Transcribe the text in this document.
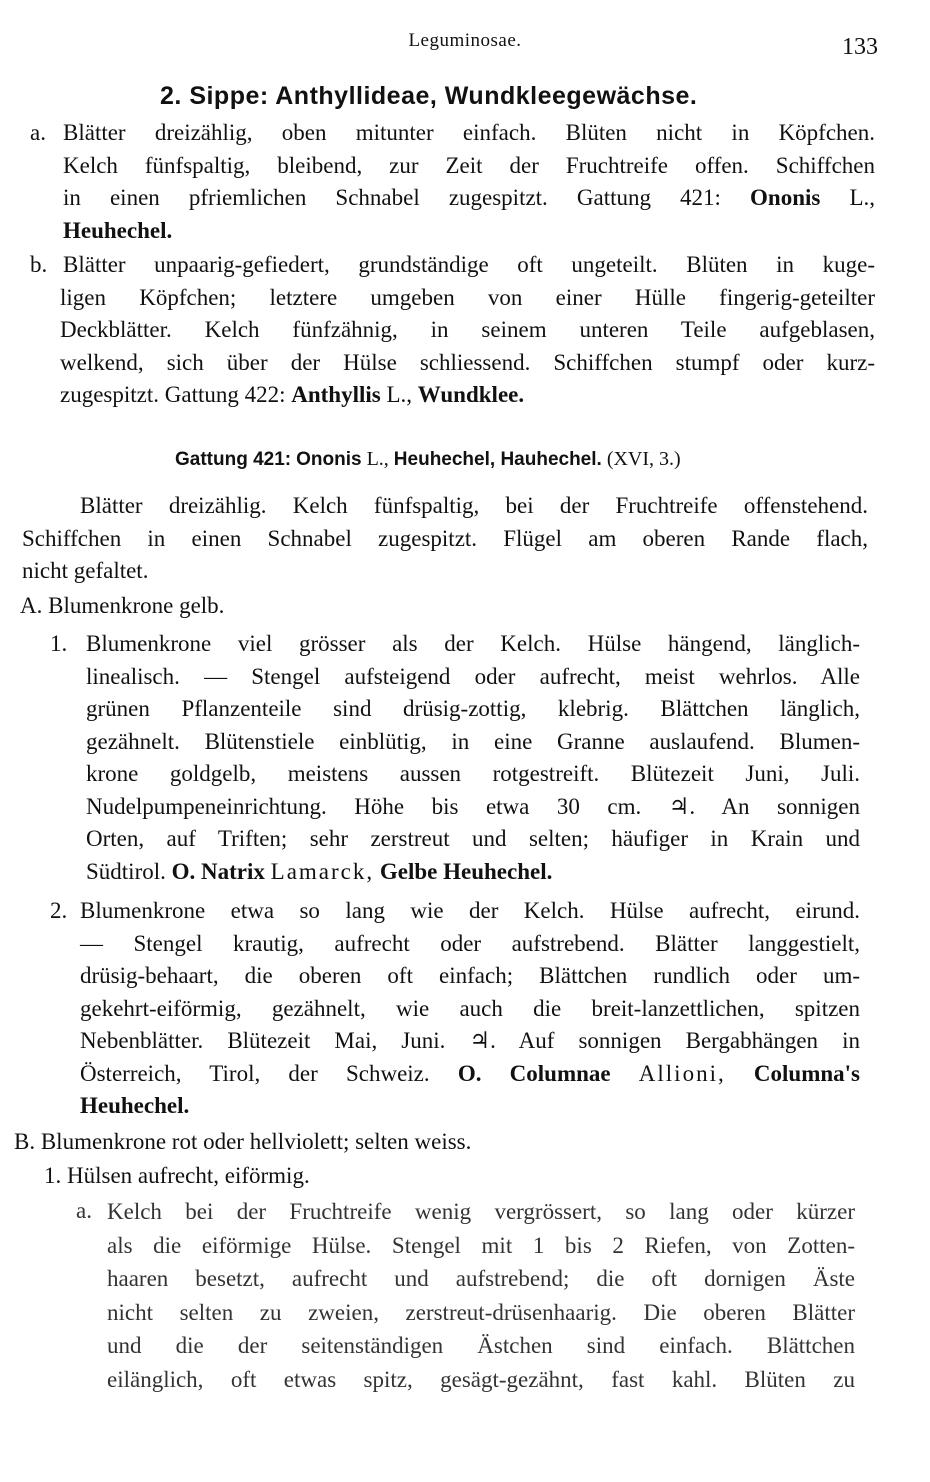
Leguminosae.	133
2. Sippe: Anthyllideae, Wundkleegewächse.
a. Blätter dreizählig, oben mitunter einfach. Blüten nicht in Köpfchen.
Kelch fünfspaltig, bleibend, zur Zeit der Fruchtreife offen. Schiffchen
in einen pfriemlichen Schnabel zugespitzt. Gattung 421: Ononis L.,
Heuhechel.
b. Blätter unpaarig-gefiedert, grundständige oft ungeteilt. Blüten in kuge-
ligen Köpfchen; letztere umgeben von einer Hülle fingerig-geteilter
Deckblätter. Kelch fünfzähnig, in seinem unteren Teile aufgeblasen,
welkend, sich über der Hülse schliessend. Schiffchen stumpf oder kurz-
zugespitzt. Gattung 422: Anthyllis L., Wundklee.
Gattung 421: Ononis L., Heuhechel, Hauhechel. (XVI, 3.)
Blätter dreizählig. Kelch fünfspaltig, bei der Fruchtreife offenstehend.
Schiffchen in einen Schnabel zugespitzt. Flügel am oberen Rande flach,
nicht gefaltet.
A. Blumenkrone gelb.
1. Blumenkrone viel grösser als der Kelch. Hülse hängend, länglich-
linealisch. — Stengel aufsteigend oder aufrecht, meist wehrlos. Alle
grünen Pflanzenteile sind drüsig-zottig, klebrig. Blättchen länglich,
gezähnelt. Blütenstiele einblütig, in eine Granne auslaufend. Blumen-
krone goldgelb, meistens aussen rotgestreift. Blütezeit Juni, Juli.
Nudelpumpeneinrichtung. Höhe bis etwa 30 cm. ♃. An sonnigen
Orten, auf Triften; sehr zerstreut und selten; häufiger in Krain und
Südtirol. O. Natrix Lamarck, Gelbe Heuhechel.
2. Blumenkrone etwa so lang wie der Kelch. Hülse aufrecht, eirund.
— Stengel krautig, aufrecht oder aufstrebend. Blätter langgestielt,
drüsig-behaart, die oberen oft einfach; Blättchen rundlich oder um-
gekehrt-eiförmig, gezähnelt, wie auch die breit-lanzettlichen, spitzen
Nebenblätter. Blütezeit Mai, Juni. ♃. Auf sonnigen Bergabhängen in
Österreich, Tirol, der Schweiz. O. Columnae Allioni, Columna's
Heuhechel.
B. Blumenkrone rot oder hellviolett; selten weiss.
1. Hülsen aufrecht, eiförmig.
a. Kelch bei der Fruchtreife wenig vergrössert, so lang oder kürzer
als die eiförmige Hülse. Stengel mit 1 bis 2 Riefen, von Zotten-
haaren besetzt, aufrecht und aufstrebend; die oft dornigen Äste
nicht selten zu zweien, zerstreut-drüsenhaarig. Die oberen Blätter
und die der seitenständigen Ästchen sind einfach. Blättchen
eilänglich, oft etwas spitz, gesägt-gezähnt, fast kahl. Blüten zu
